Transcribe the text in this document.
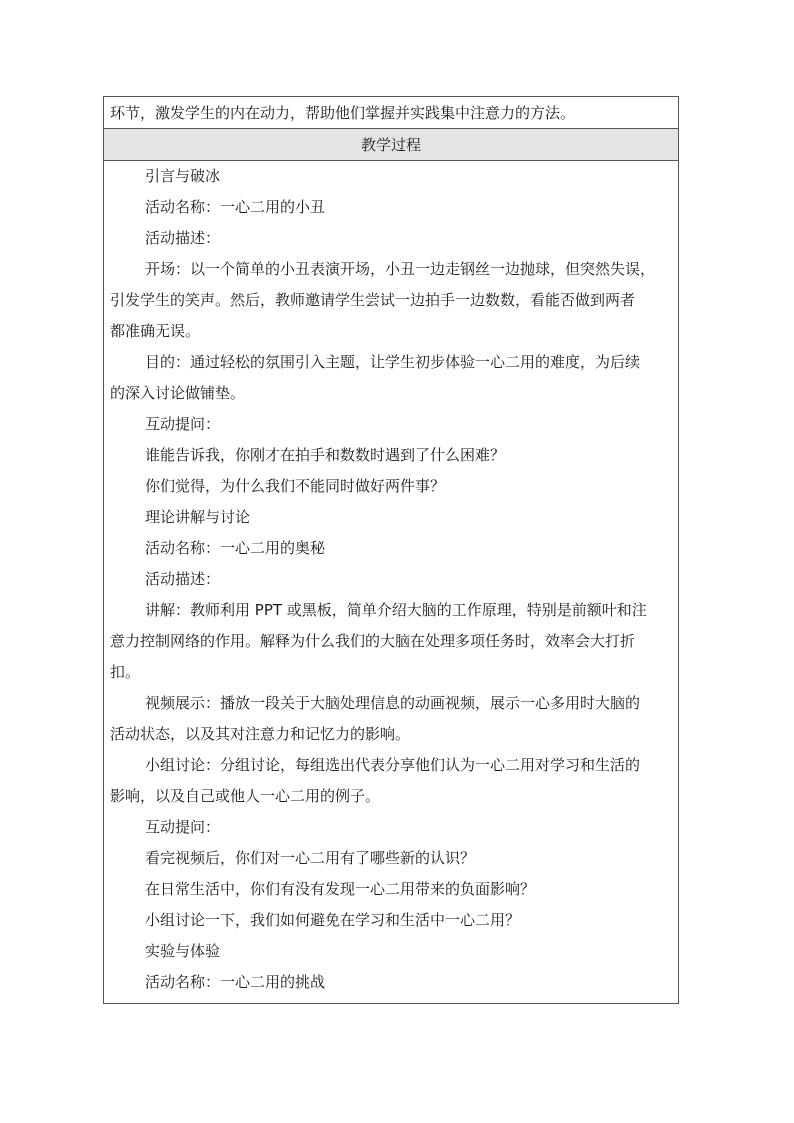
环节，激发学生的内在动力，帮助他们掌握并实践集中注意力的方法。
教学过程
引言与破冰
活动名称：一心二用的小丑
活动描述：
开场：以一个简单的小丑表演开场，小丑一边走钢丝一边抛球，但突然失误，
引发学生的笑声。然后，教师邀请学生尝试一边拍手一边数数，看能否做到两者
都准确无误。
目的：通过轻松的氛围引入主题，让学生初步体验一心二用的难度，为后续
的深入讨论做铺垫。
互动提问：
谁能告诉我，你刚才在拍手和数数时遇到了什么困难？
你们觉得，为什么我们不能同时做好两件事？
理论讲解与讨论
活动名称：一心二用的奥秘
活动描述：
讲解：教师利用 PPT 或黑板，简单介绍大脑的工作原理，特别是前额叶和注
意力控制网络的作用。解释为什么我们的大脑在处理多项任务时，效率会大打折
扣。
视频展示：播放一段关于大脑处理信息的动画视频，展示一心多用时大脑的
活动状态，以及其对注意力和记忆力的影响。
小组讨论：分组讨论，每组选出代表分享他们认为一心二用对学习和生活的
影响，以及自己或他人一心二用的例子。
互动提问：
看完视频后，你们对一心二用有了哪些新的认识？
在日常生活中，你们有没有发现一心二用带来的负面影响？
小组讨论一下，我们如何避免在学习和生活中一心二用？
实验与体验
活动名称：一心二用的挑战
